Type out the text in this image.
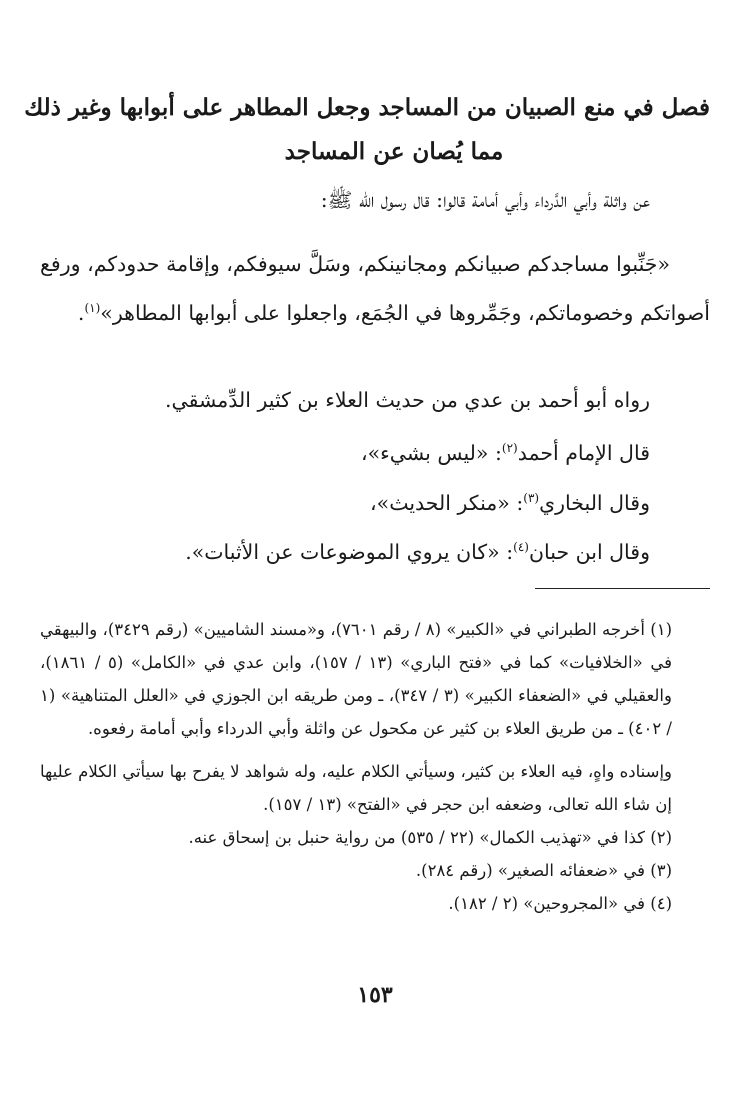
فصل في منع الصبيان من المساجد وجعل المطاهر على أبوابها وغير ذلك
مما يُصان عن المساجد

عن واثلة وأبي الدَّرداء وأبي أمامة قالوا: قال رسول الله ﷺ:

«جَنِّبوا مساجدكم صبيانكم ومجانينكم، وسَلَّ سيوفكم، وإقامة حدودكم، ورفع أصواتكم وخصوماتكم، وجَمِّروها في الجُمَع، واجعلوا على أبوابها المطاهر»$^{(١)}$.

رواه أبو أحمد بن عدي من حديث العلاء بن كثير الدِّمشقي.

قال الإمام أحمد$^{(٢)}$: «ليس بشيء»،

وقال البخاري$^{(٣)}$: «منكر الحديث»،

وقال ابن حبان$^{(٤)}$: «كان يروي الموضوعات عن الأثبات».

(١) أخرجه الطبراني في «الكبير» (٨ / رقم ٧٦٠١)، و«مسند الشاميين» (رقم ٣٤٢٩)، والبيهقي في «الخلافيات» كما في «فتح الباري» (١٣ / ١٥٧)، وابن عدي في «الكامل» (٥ / ١٨٦١)، والعقيلي في «الضعفاء الكبير» (٣ / ٣٤٧)، ـ ومن طريقه ابن الجوزي في «العلل المتناهية» (١ / ٤٠٢) ـ من طريق العلاء بن كثير عن مكحول عن واثلة وأبي الدرداء وأبي أمامة رفعوه.

وإسناده واهٍ، فيه العلاء بن كثير، وسيأتي الكلام عليه، وله شواهد لا يفرح بها سيأتي الكلام عليها إن شاء الله تعالى، وضعفه ابن حجر في «الفتح» (١٣ / ١٥٧).

(٢) كذا في «تهذيب الكمال» (٢٢ / ٥٣٥) من رواية حنبل بن إسحاق عنه.

(٣) في «ضعفائه الصغير» (رقم ٢٨٤).

(٤) في «المجروحين» (٢ / ١٨٢).

١٥٣
